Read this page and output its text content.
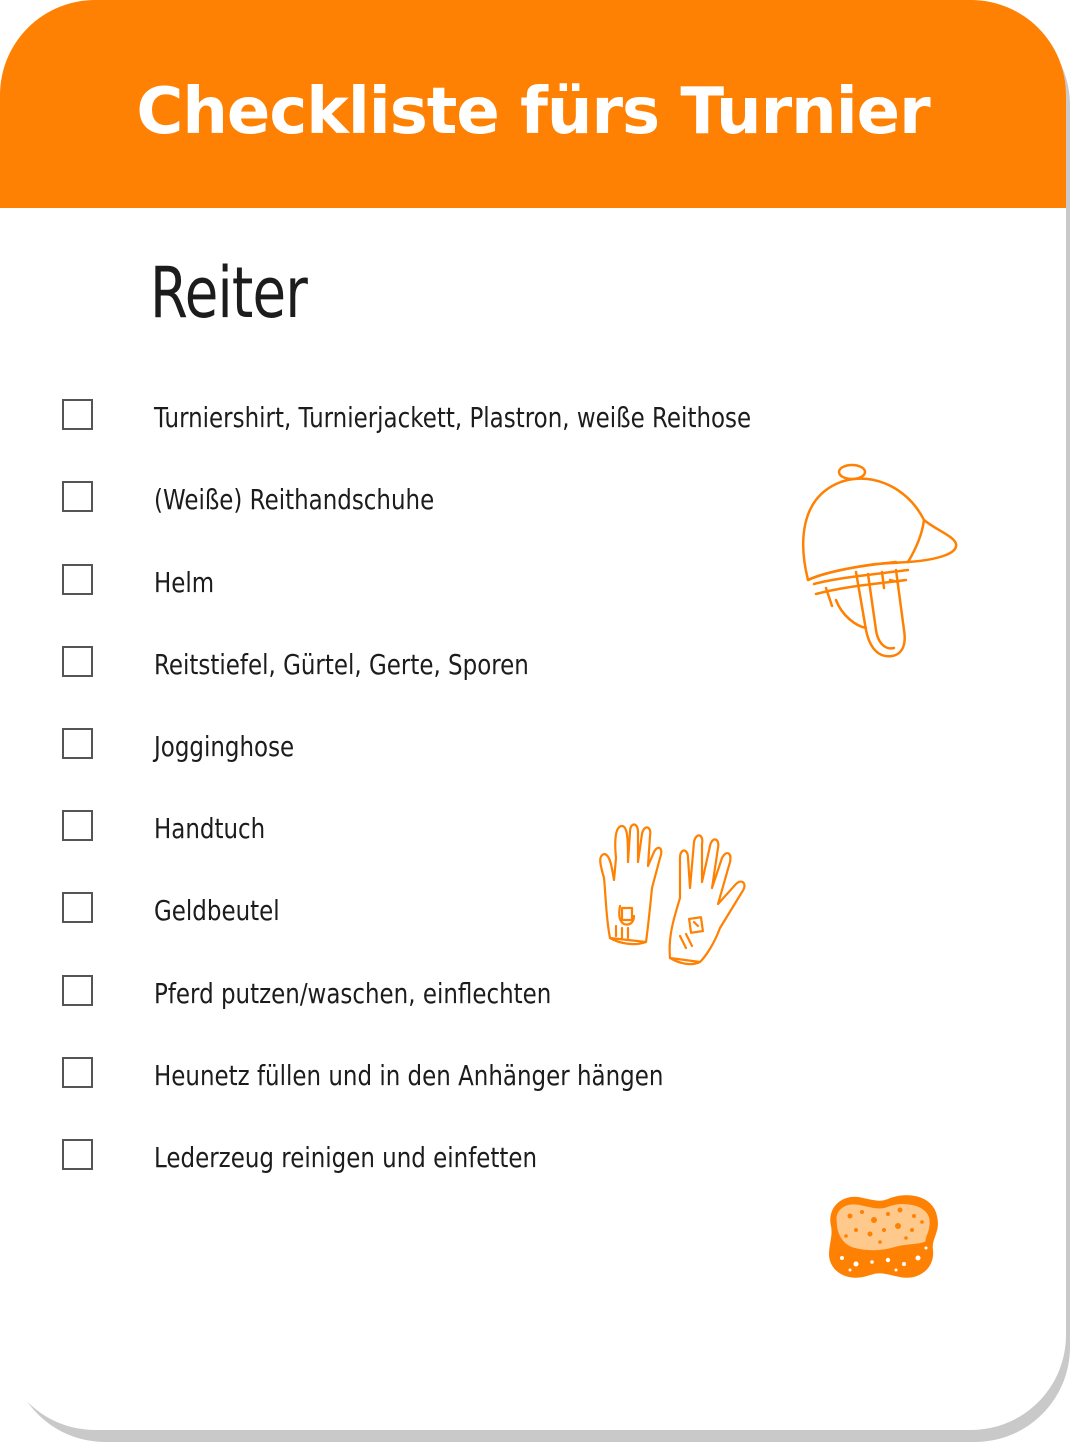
Checkliste fürs Turnier
Reiter
Turniershirt, Turnierjackett, Plastron, weiße Reithose
(Weiße) Reithandschuhe
Helm
Reitstiefel, Gürtel, Gerte, Sporen
Jogginghose
Handtuch
Geldbeutel
Pferd putzen/waschen, einflechten
Heunetz füllen und in den Anhänger hängen
Lederzeug reinigen und einfetten
